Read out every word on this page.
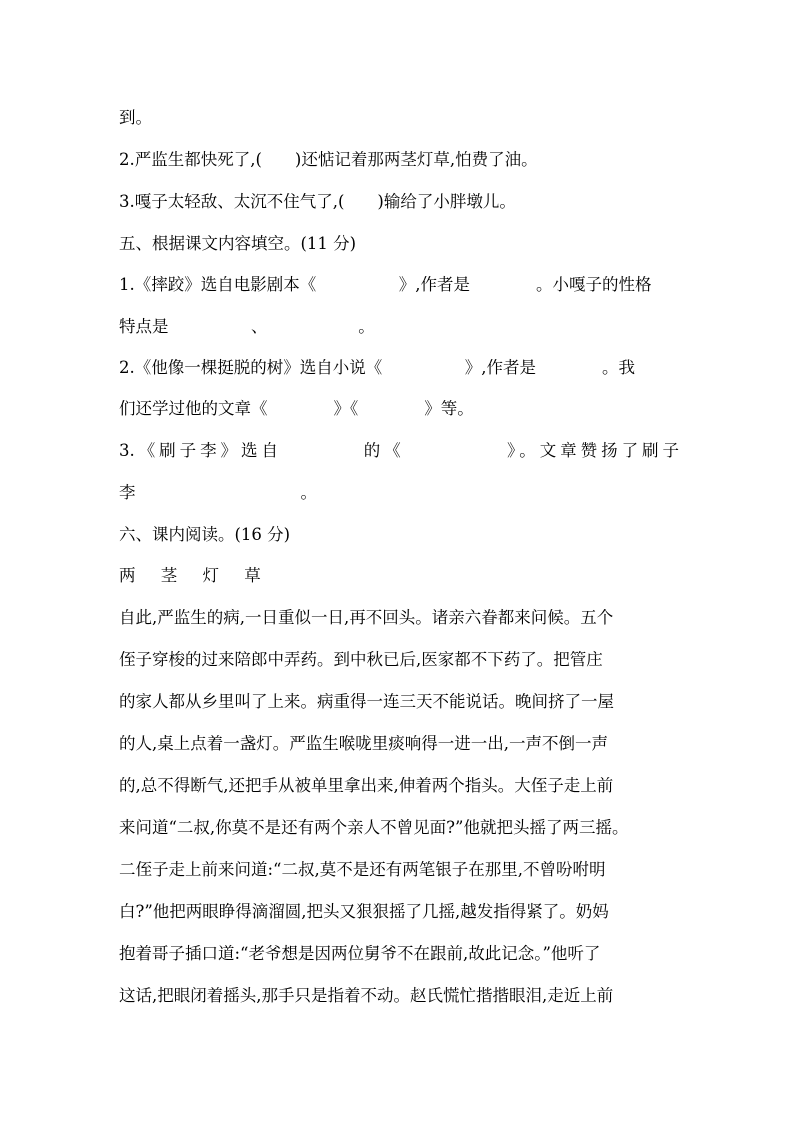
到。
2.严监生都快死了,(　　)还惦记着那两茎灯草,怕费了油。
3.嘎子太轻敌、太沉不住气了,(　　)输给了小胖墩儿。
五、根据课文内容填空。(11 分)
1.《摔跤》选自电影剧本《　　　　　》,作者是　　　　。小嘎子的性格
特点是　　　　　、　　　　　　。
2.《他像一棵挺脱的树》选自小说《　　　　　》,作者是　　　　。我
们还学过他的文章《　　　　》《　　　　》等。
3.《刷子李》选自　　　　的《　　　　　》。文章赞扬了刷子
李　　　　　　　　　　。
六、课内阅读。(16 分)
两 茎 灯 草
自此,严监生的病,一日重似一日,再不回头。诸亲六眷都来问候。五个
侄子穿梭的过来陪郎中弄药。到中秋已后,医家都不下药了。把管庄
的家人都从乡里叫了上来。病重得一连三天不能说话。晚间挤了一屋
的人,桌上点着一盏灯。严监生喉咙里痰响得一进一出,一声不倒一声
的,总不得断气,还把手从被单里拿出来,伸着两个指头。大侄子走上前
来问道“二叔,你莫不是还有两个亲人不曾见面?”他就把头摇了两三摇。
二侄子走上前来问道:“二叔,莫不是还有两笔银子在那里,不曾吩咐明
白?”他把两眼睁得滴溜圆,把头又狠狠摇了几摇,越发指得紧了。奶妈
抱着哥子插口道:“老爷想是因两位舅爷不在跟前,故此记念。”他听了
这话,把眼闭着摇头,那手只是指着不动。赵氏慌忙揩揩眼泪,走近上前
